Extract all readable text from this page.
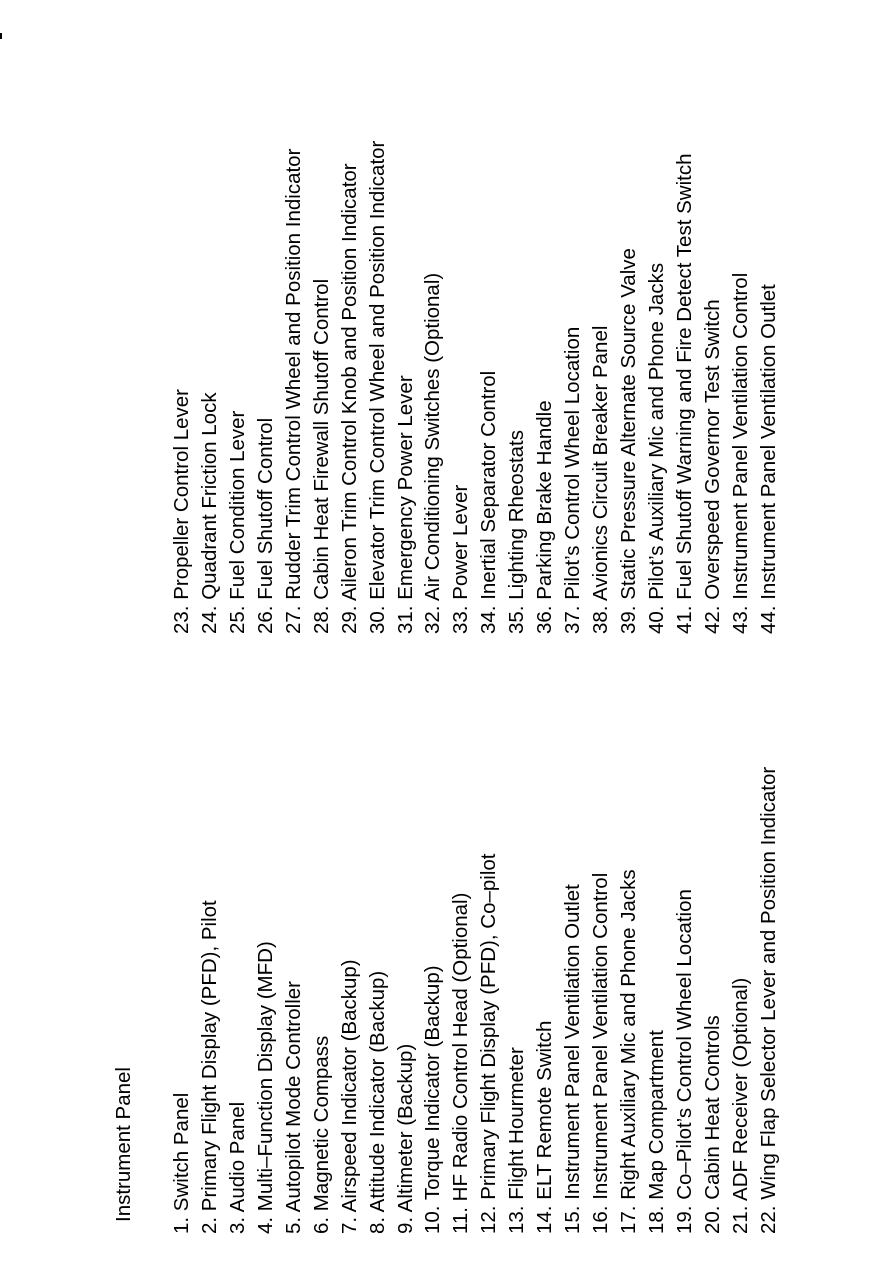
Instrument Panel 1. Switch Panel 2. Primary Flight Display (PFD), Pilot 3. Audio Panel 4. Multi–Function Display (MFD) 5. Autopilot Mode Controller 6. Magnetic Compass 7. Airspeed Indicator (Backup) 8. Attitude Indicator (Backup) 9. Altimeter (Backup) 10. Torque Indicator (Backup) 11. HF Radio Control Head (Optional) 12. Primary Flight Display (PFD), Co–pilot 13. Flight Hourmeter 14. ELT Remote Switch 15. Instrument Panel Ventilation Outlet 16. Instrument Panel Ventilation Control 17. Right Auxiliary Mic and Phone Jacks 18. Map Compartment 19. Co–Pilot’s Control Wheel Location 20. Cabin Heat Controls 21. ADF Receiver (Optional) 22. Wing Flap Selector Lever and Position Indicator
23. Propeller Control Lever 24. Quadrant Friction Lock 25. Fuel Condition Lever 26. Fuel Shutoff Control 27. Rudder Trim Control Wheel and Position Indicator 28. Cabin Heat Firewall Shutoff Control 29. Aileron Trim Control Knob and Position Indicator 30. Elevator Trim Control Wheel and Position Indicator 31. Emergency Power Lever 32. Air Conditioning Switches (Optional) 33. Power Lever 34. Inertial Separator Control 35. Lighting Rheostats 36. Parking Brake Handle 37. Pilot’s Control Wheel Location 38. Avionics Circuit Breaker Panel 39. Static Pressure Alternate Source Valve 40. Pilot’s Auxiliary Mic and Phone Jacks 41. Fuel Shutoff Warning and Fire Detect Test Switch 42. Overspeed Governor Test Switch 43. Instrument Panel Ventilation Control 44. Instrument Panel Ventilation Outlet
